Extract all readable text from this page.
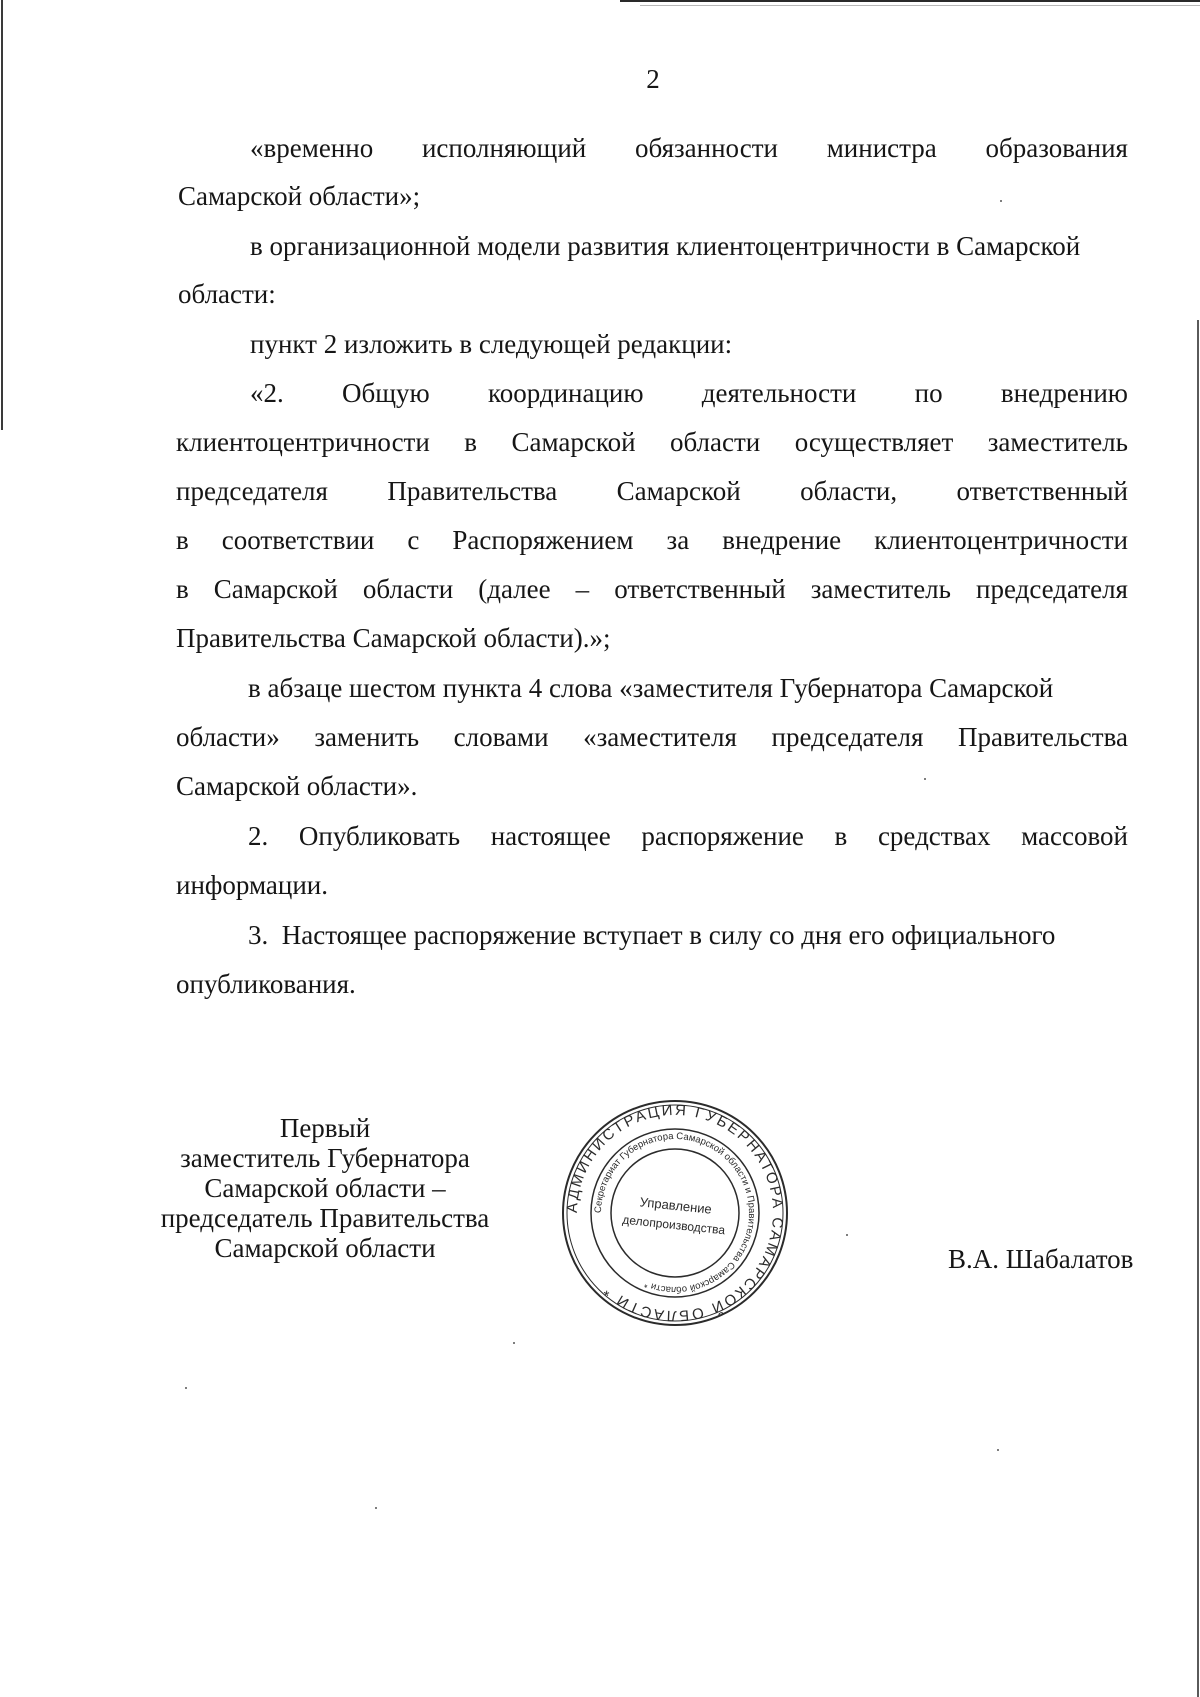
2
«временно исполняющий обязанности министра образования
Самарской области»;
в организационной модели развития клиентоцентричности в Самарской
области:
пункт 2 изложить в следующей редакции:
«2. Общую координацию деятельности по внедрению
клиентоцентричности в Самарской области осуществляет заместитель
председателя Правительства Самарской области, ответственный
в соответствии с Распоряжением за внедрение клиентоцентричности
в Самарской области (далее – ответственный заместитель председателя
Правительства Самарской области).»;
в абзаце шестом пункта 4 слова «заместителя Губернатора Самарской
области» заменить словами «заместителя председателя Правительства
Самарской области».
2. Опубликовать настоящее распоряжение в средствах массовой
информации.
3.  Настоящее распоряжение вступает в силу со дня его официального
опубликования.
Первый
заместитель Губернатора
Самарской области –
председатель Правительства
Самарской области
АДМИНИСТРАЦИЯ ГУБЕРНАТОРА САМАРСКОЙ ОБЛАСТИ *
Секретариат Губернатора Самарской области и Правительства Самарской области *
Управление
делопроизводства
В.А. Шабалатов
